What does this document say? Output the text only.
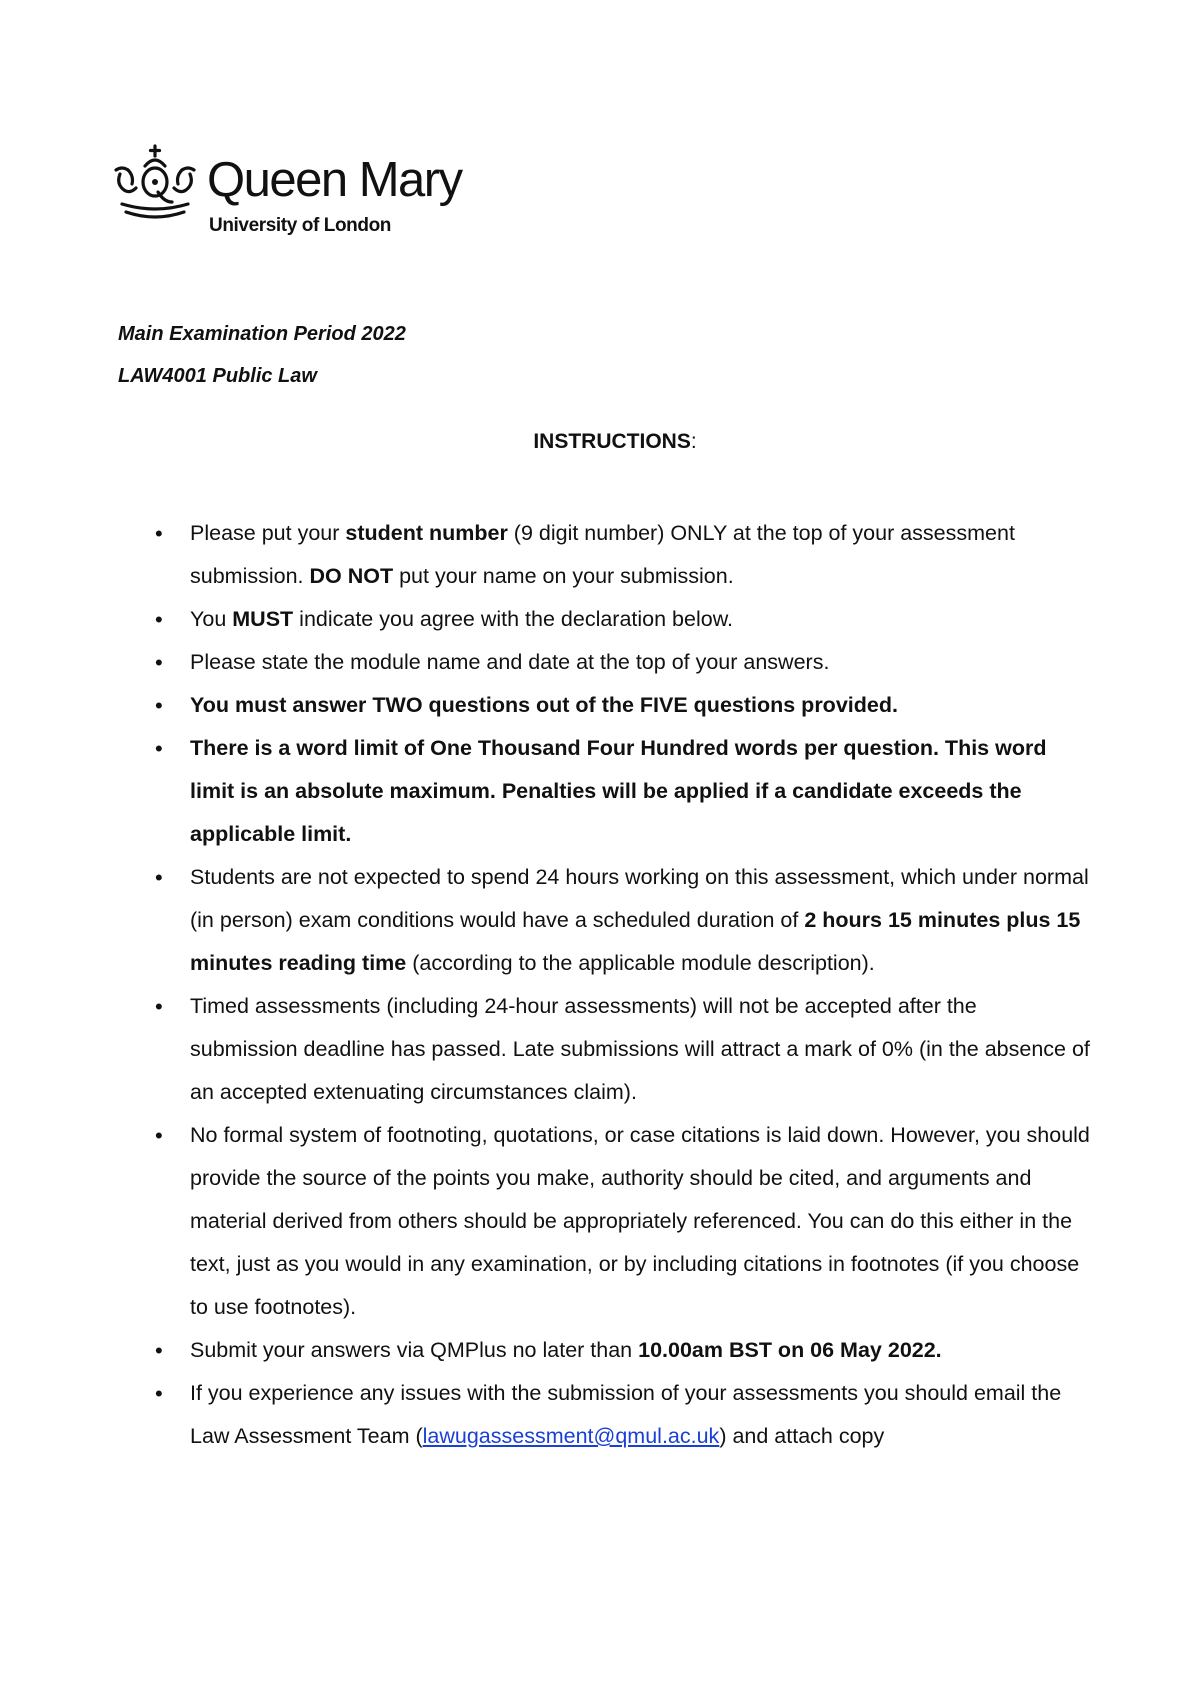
Queen Mary
University of London
Main Examination Period 2022
LAW4001 Public Law
INSTRUCTIONS:
•	Please put your student number (9 digit number) ONLY at the top of your assessment submission. DO NOT put your name on your submission.
•	You MUST indicate you agree with the declaration below.
•	Please state the module name and date at the top of your answers.
•	You must answer TWO questions out of the FIVE questions provided.
•	There is a word limit of One Thousand Four Hundred words per question. This word limit is an absolute maximum. Penalties will be applied if a candidate exceeds the applicable limit.
•	Students are not expected to spend 24 hours working on this assessment, which under normal (in person) exam conditions would have a scheduled duration of 2 hours 15 minutes plus 15 minutes reading time (according to the applicable module description).
•	Timed assessments (including 24-hour assessments) will not be accepted after the submission deadline has passed. Late submissions will attract a mark of 0% (in the absence of an accepted extenuating circumstances claim).
•	No formal system of footnoting, quotations, or case citations is laid down. However, you should provide the source of the points you make, authority should be cited, and arguments and material derived from others should be appropriately referenced. You can do this either in the text, just as you would in any examination, or by including citations in footnotes (if you choose to use footnotes).
•	Submit your answers via QMPlus no later than 10.00am BST on 06 May 2022.
•	If you experience any issues with the submission of your assessments you should email the Law Assessment Team (lawugassessment@qmul.ac.uk) and attach copy
